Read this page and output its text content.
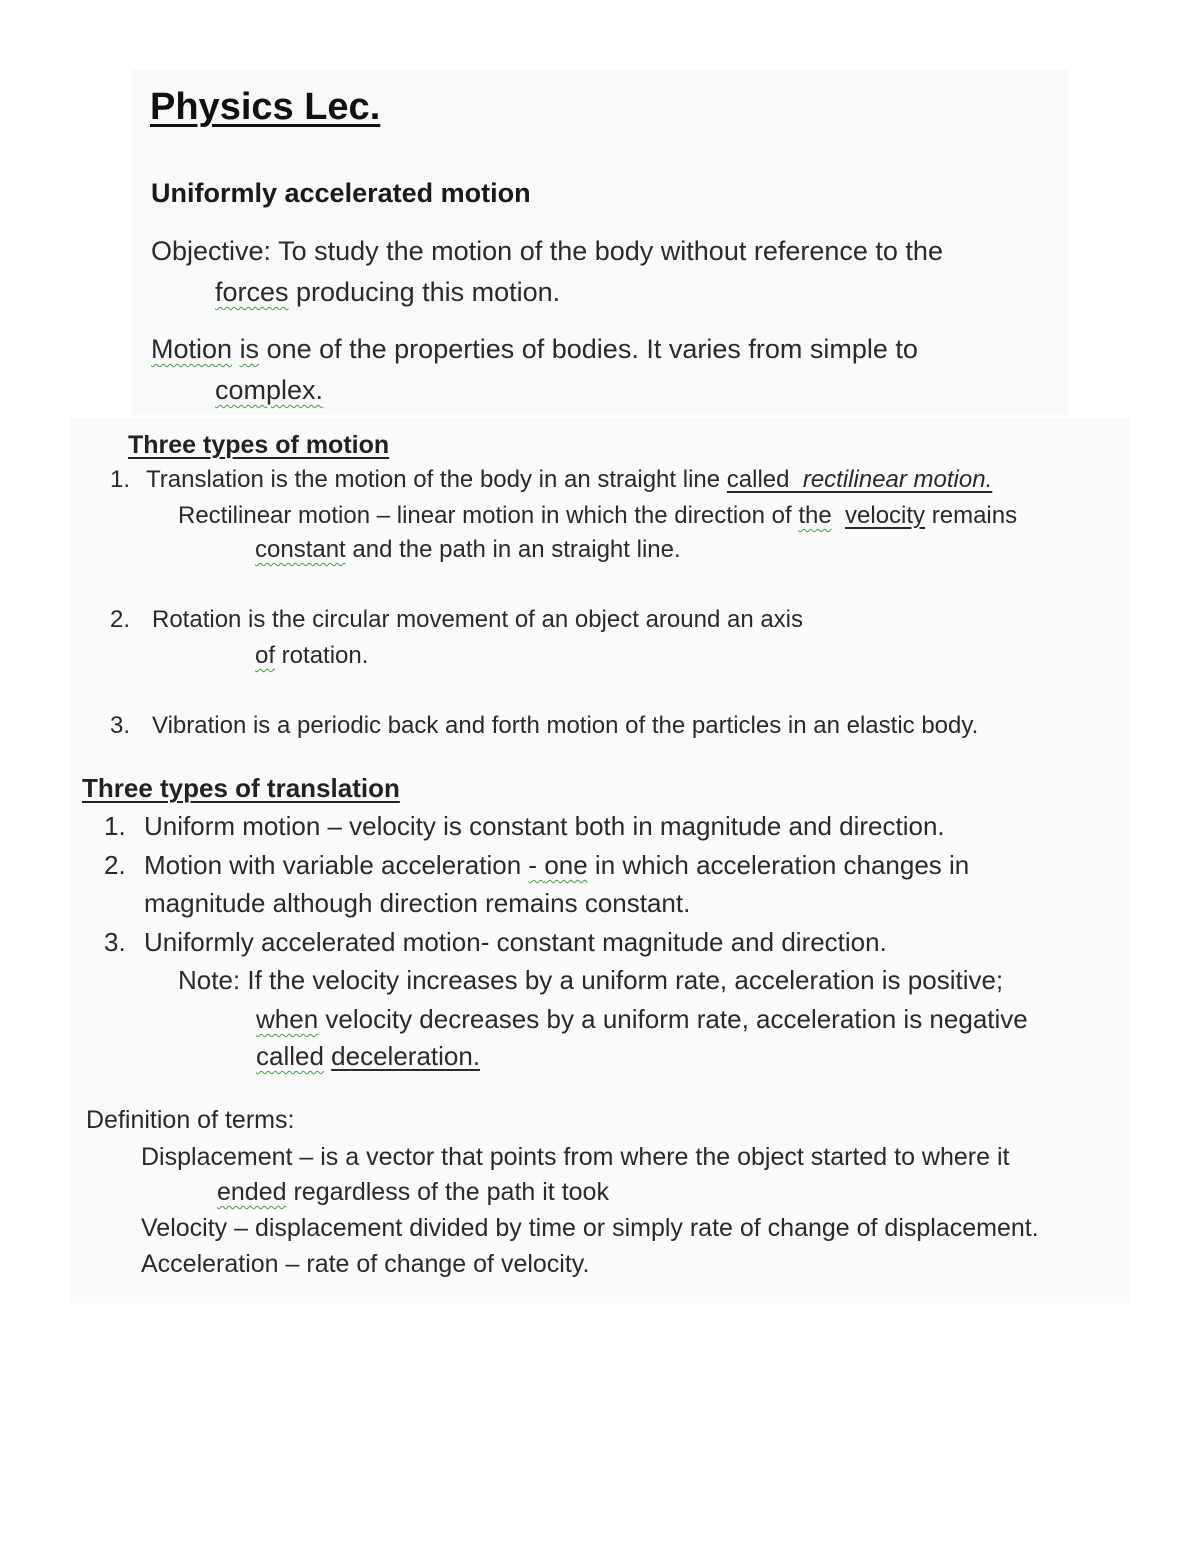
Physics Lec.
Uniformly accelerated motion
Objective: To study the motion of the body without reference to the
forces producing this motion.
Motion is one of the properties of bodies. It varies from simple to
complex.
Three types of motion
1. Translation is the motion of the body in an straight line called rectilinear motion.
Rectilinear motion – linear motion in which the direction of the velocity remains
constant and the path in an straight line.
2. Rotation is the circular movement of an object around an axis
of rotation.
3. Vibration is a periodic back and forth motion of the particles in an elastic body.
Three types of translation
1. Uniform motion – velocity is constant both in magnitude and direction.
2. Motion with variable acceleration - one in which acceleration changes in
magnitude although direction remains constant.
3. Uniformly accelerated motion- constant magnitude and direction.
Note: If the velocity increases by a uniform rate, acceleration is positive;
when velocity decreases by a uniform rate, acceleration is negative
called deceleration.
Definition of terms:
Displacement – is a vector that points from where the object started to where it
ended regardless of the path it took
Velocity – displacement divided by time or simply rate of change of displacement.
Acceleration – rate of change of velocity.
